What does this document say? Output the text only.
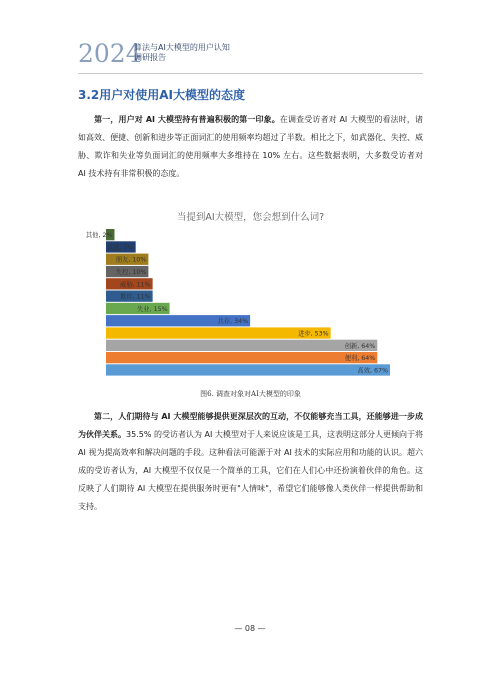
2024
算法与AI大模型的用户认知
调研报告
3.2用户对使用AI大模型的态度

  第一，用户对 AI 大模型持有普遍积极的第一印象。在调查受访者对 AI 大模型的看法时，诸如高效、便捷、创新和进步等正面词汇的使用频率均超过了半数。相比之下，如武器化、失控、威胁、欺诈和失业等负面词汇的使用频率大多维持在 10% 左右。这些数据表明，大多数受访者对 AI 技术持有非常积极的态度。

当提到AI大模型，您会想到什么词?
其他, 2%
武器, 7%
朋友, 10%
失控, 10%
威胁, 11%
欺诈, 11%
失业, 15%
共存, 34%
进步, 53%
创新, 64%
便利, 64%
高效, 67%
图6. 调查对象对AI大模型的印象

  第二，人们期待与 AI 大模型能够提供更深层次的互动，不仅能够充当工具，还能够进一步成为伙伴关系。35.5% 的受访者认为 AI 大模型对于人来说应该是工具，这表明这部分人更倾向于将 AI 视为提高效率和解决问题的手段。这种看法可能源于对 AI 技术的实际应用和功能的认识。超六成的受访者认为，AI 大模型不仅仅是一个简单的工具，它们在人们心中还扮演着伙伴的角色。这反映了人们期待 AI 大模型在提供服务时更有"人情味"，希望它们能够像人类伙伴一样提供帮助和支持。

— 08 —
